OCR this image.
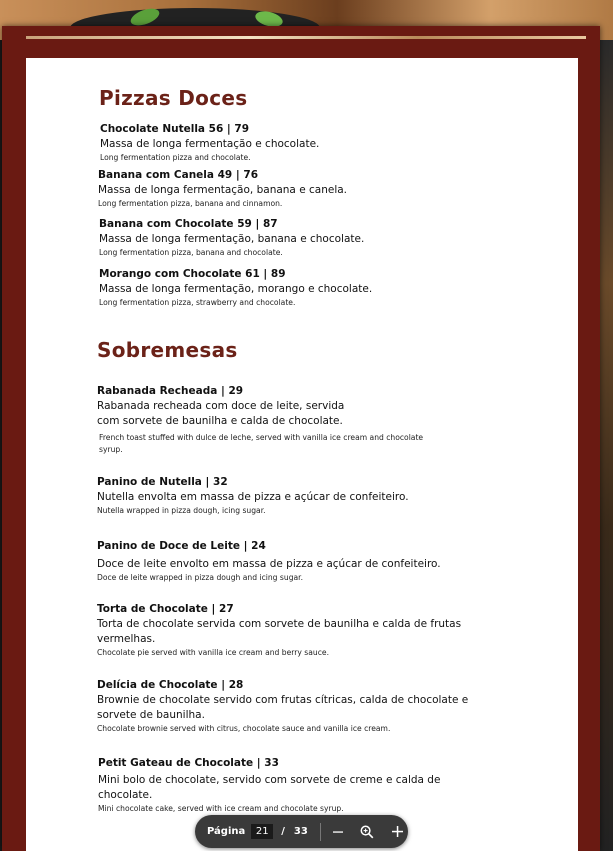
Pizzas Doces
Chocolate Nutella 56 | 79
Massa de longa fermentação e chocolate.
Long fermentation pizza and chocolate.
Banana com Canela 49 | 76
Massa de longa fermentação, banana e canela.
Long fermentation pizza, banana and cinnamon.
Banana com Chocolate 59 | 87
Massa de longa fermentação, banana e chocolate.
Long fermentation pizza, banana and chocolate.
Morango com Chocolate 61 | 89
Massa de longa fermentação, morango e chocolate.
Long fermentation pizza, strawberry and chocolate.
Sobremesas
Rabanada Recheada | 29
Rabanada recheada com doce de leite, servida
com sorvete de baunilha e calda de chocolate.
French toast stuffed with dulce de leche, served with vanilla ice cream and chocolate
syrup.
Panino de Nutella | 32
Nutella envolta em massa de pizza e açúcar de confeiteiro.
Nutella wrapped in pizza dough, icing sugar.
Panino de Doce de Leite | 24
Doce de leite envolto em massa de pizza e açúcar de confeiteiro.
Doce de leite wrapped in pizza dough and icing sugar.
Torta de Chocolate | 27
Torta de chocolate servida com sorvete de baunilha e calda de frutas
vermelhas.
Chocolate pie served with vanilla ice cream and berry sauce.
Delícia de Chocolate | 28
Brownie de chocolate servido com frutas cítricas, calda de chocolate e
sorvete de baunilha.
Chocolate brownie served with citrus, chocolate sauce and vanilla ice cream.
Petit Gateau de Chocolate | 33
Mini bolo de chocolate, servido com sorvete de creme e calda de
chocolate.
Mini chocolate cake, served with ice cream and chocolate syrup.
Página
21	/ 33
